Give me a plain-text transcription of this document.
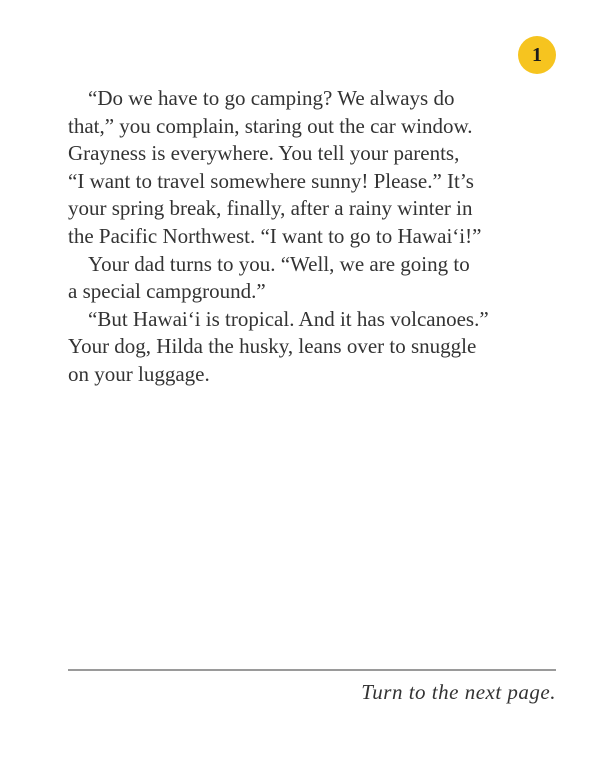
1
“Do we have to go camping? We always do
that,” you complain, staring out the car window.
Grayness is everywhere. You tell your parents,
“I want to travel somewhere sunny! Please.” It’s
your spring break, finally, after a rainy winter in
the Pacific Northwest. “I want to go to Hawai‘i!”
Your dad turns to you. “Well, we are going to
a special campground.”
“But Hawai‘i is tropical. And it has volcanoes.”
Your dog, Hilda the husky, leans over to snuggle
on your luggage.
Turn to the next page.
